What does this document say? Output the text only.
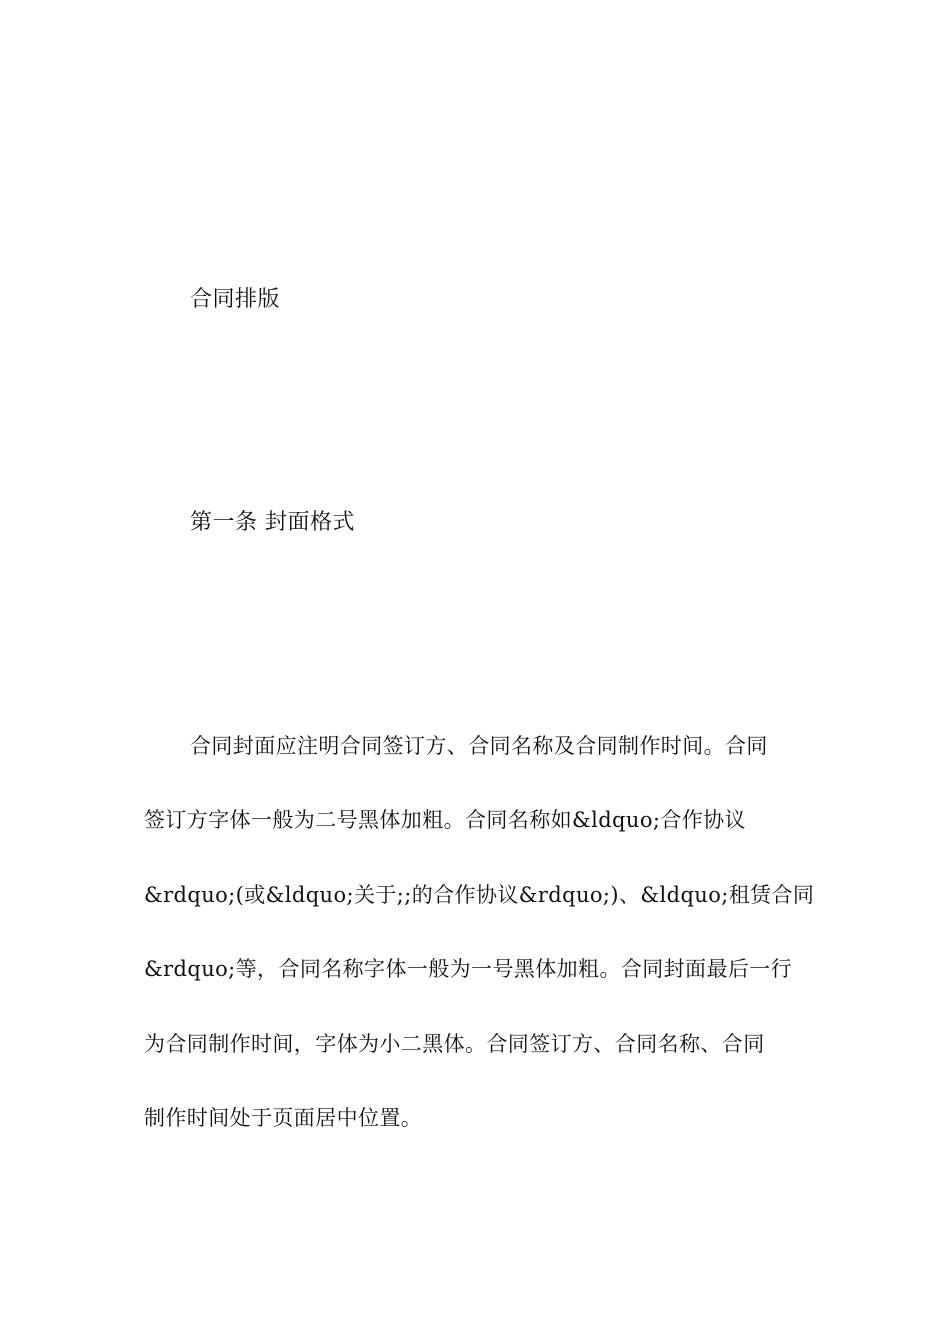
合同排版
第一条 封面格式
合同封面应注明合同签订方、合同名称及合同制作时间。合同
签订方字体一般为二号黑体加粗。合同名称如&ldquo;合作协议
&rdquo;(或&ldquo;关于;;的合作协议&rdquo;)、&ldquo;租赁合同
&rdquo;等，合同名称字体一般为一号黑体加粗。合同封面最后一行
为合同制作时间，字体为小二黑体。合同签订方、合同名称、合同
制作时间处于页面居中位置。
